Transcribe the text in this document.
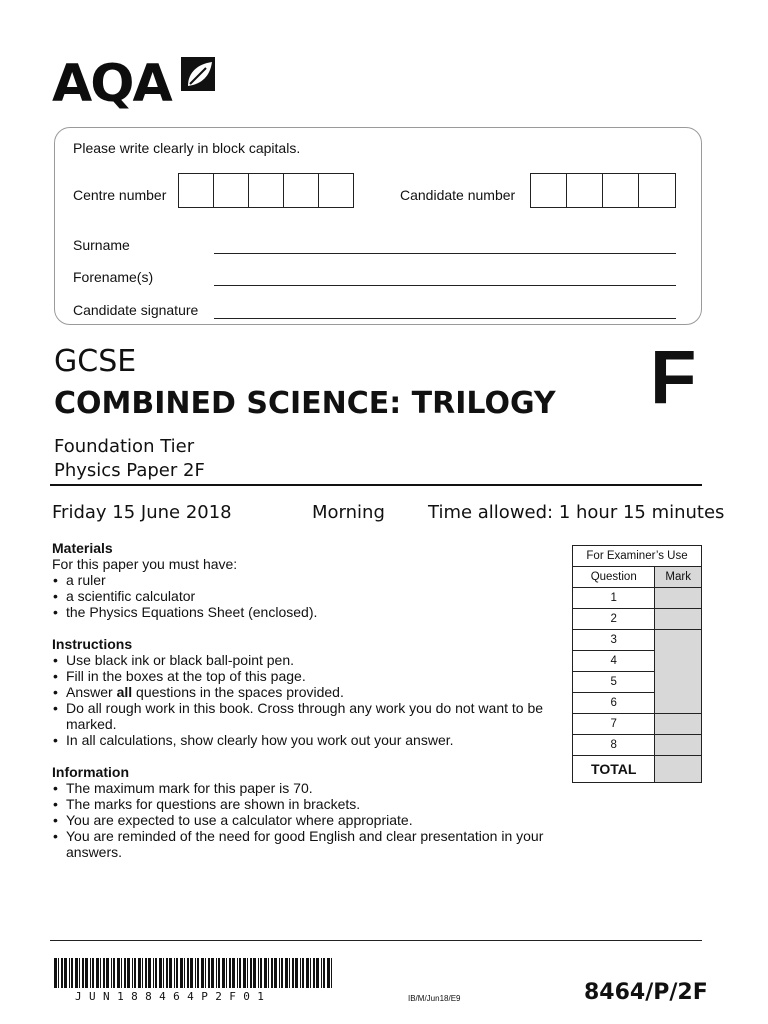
AQA
Please write clearly in block capitals.
Centre number	Candidate number
Surname
Forename(s)
Candidate signature
GCSE
COMBINED SCIENCE: TRILOGY
Foundation Tier
Physics Paper 2F
F
Friday 15 June 2018	Morning Time allowed: 1 hour 15 minutes
Materials
For this paper you must have:
• a ruler
• a scientific calculator
• the Physics Equations Sheet (enclosed).
Instructions
• Use black ink or black ball-point pen.
• Fill in the boxes at the top of this page.
• Answer all questions in the spaces provided.
• Do all rough work in this book. Cross through any work you do not want to be marked.
• In all calculations, show clearly how you work out your answer.
Information
• The maximum mark for this paper is 70.
• The marks for questions are shown in brackets.
• You are expected to use a calculator where appropriate.
• You are reminded of the need for good English and clear presentation in your answers.
For Examiner’s Use	
Question	Mark
1	
2	
3	
4	
5	
6	
7	
8	
TOTAL	
JUN188464P2F01	IB/M/Jun18/E9	8464/P/2F
